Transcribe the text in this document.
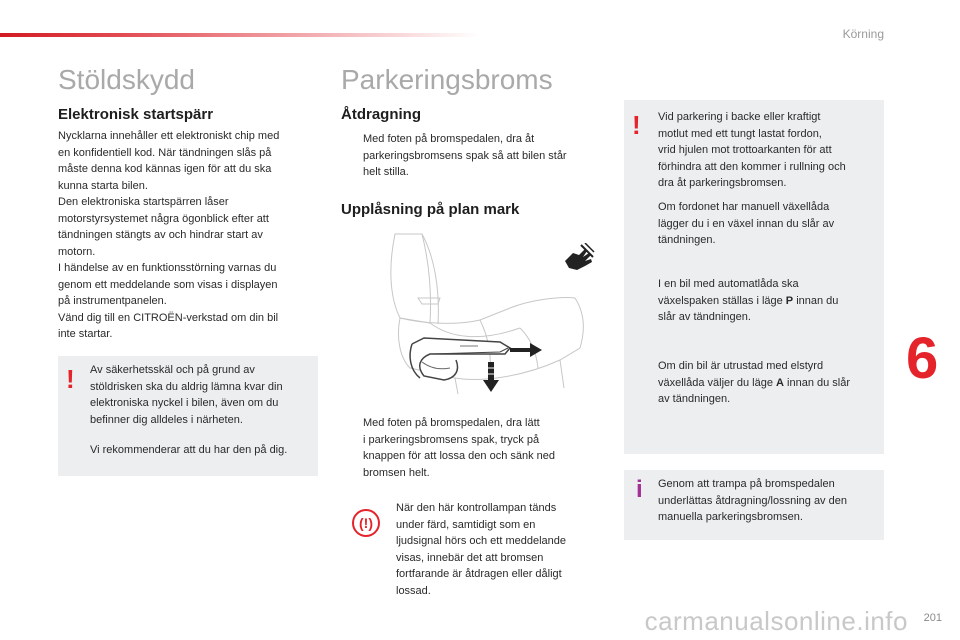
Körning
6
Stöldskydd
Elektronisk startspärr
Nycklarna innehåller ett elektroniskt chip med
en konfidentiell kod. När tändningen slås på
måste denna kod kännas igen för att du ska
kunna starta bilen.
Den elektroniska startspärren låser
motorstyrsystemet några ögonblick efter att
tändningen stängts av och hindrar start av
motorn.
I händelse av en funktionsstörning varnas du
genom ett meddelande som visas i displayen
på instrumentpanelen.
Vänd dig till en CITROËN-verkstad om din bil
inte startar.
! Av säkerhetsskäl och på grund av
stöldrisken ska du aldrig lämna kvar din
elektroniska nyckel i bilen, även om du
befinner dig alldeles i närheten.
Vi rekommenderar att du har den på dig.
Parkeringsbroms
Åtdragning
Med foten på bromspedalen, dra åt
parkeringsbromsens spak så att bilen står
helt stilla.
Upplåsning på plan mark
Med foten på bromspedalen, dra lätt
i parkeringsbromsens spak, tryck på
knappen för att lossa den och sänk ned
bromsen helt.
(!)
När den här kontrollampan tänds
under färd, samtidigt som en
ljudsignal hörs och ett meddelande
visas, innebär det att bromsen
fortfarande är åtdragen eller dåligt
lossad.
! Vid parkering i backe eller kraftigt
motlut med ett tungt lastat fordon,
vrid hjulen mot trottoarkanten för att
förhindra att den kommer i rullning och
dra åt parkeringsbromsen.
Om fordonet har manuell växellåda
lägger du i en växel innan du slår av
tändningen.
I en bil med automatlåda ska
växelspaken ställas i läge P innan du
slår av tändningen.
Om din bil är utrustad med elstyrd
växellåda väljer du läge A innan du slår
av tändningen.
i Genom att trampa på bromspedalen
underlättas åtdragning/lossning av den
manuella parkeringsbromsen.
carmanualsonline.info 201
